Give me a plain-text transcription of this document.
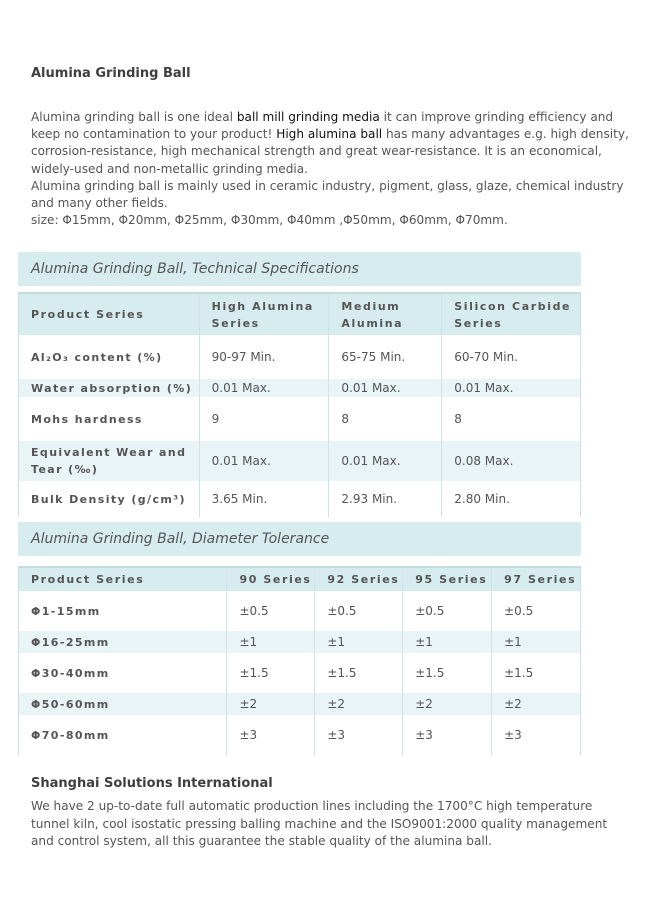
Alumina Grinding Ball

Alumina grinding ball is one ideal ball mill grinding media it can improve grinding efficiency and keep no contamination to your product! High alumina ball has many advantages e.g. high density, corrosion-resistance, high mechanical strength and great wear-resistance. It is an economical, widely-used and non-metallic grinding media.

Alumina grinding ball is mainly used in ceramic industry, pigment, glass, glaze, chemical industry and many other fields.

size: Φ15mm, Φ20mm, Φ25mm, Φ30mm, Φ40mm ,Φ50mm, Φ60mm, Φ70mm.

Alumina Grinding Ball, Technical Specifications
Product Series	High Alumina Series	Medium Alumina	Silicon Carbide Series
Al₂O₃ content (%)	90-97 Min.	65-75 Min.	60-70 Min.
Water absorption (%)	0.01 Max.	0.01 Max.	0.01 Max.
Mohs hardness	9	8	8
Equivalent Wear and Tear (‰)	0.01 Max.	0.01 Max.	0.08 Max.
Bulk Density (g/cm³)	3.65 Min.	2.93 Min.	2.80 Min.
Alumina Grinding Ball, Diameter Tolerance
Product Series	90 Series	92 Series	95 Series	97 Series
Φ1-15mm	±0.5	±0.5	±0.5	±0.5
Φ16-25mm	±1	±1	±1	±1
Φ30-40mm	±1.5	±1.5	±1.5	±1.5
Φ50-60mm	±2	±2	±2	±2
Φ70-80mm	±3	±3	±3	±3
Shanghai Solutions International

We have 2 up-to-date full automatic production lines including the 1700°C high temperature tunnel kiln, cool isostatic pressing balling machine and the ISO9001:2000 quality management and control system, all this guarantee the stable quality of the alumina ball.
